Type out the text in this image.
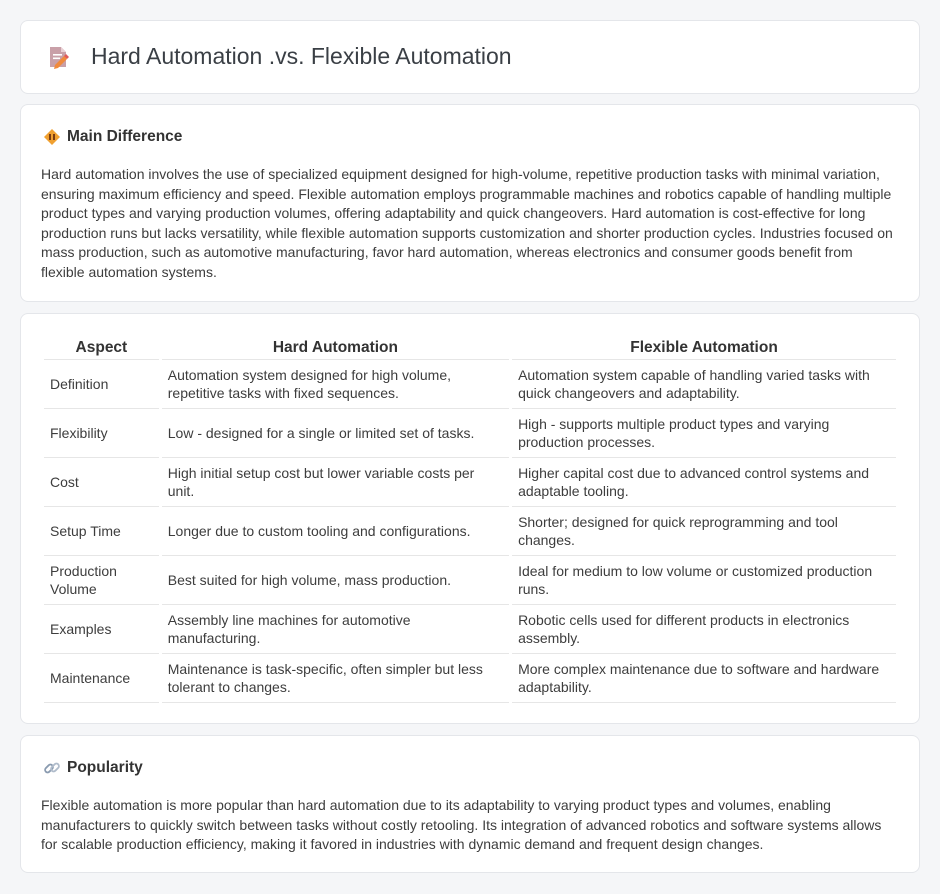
Hard Automation .vs. Flexible Automation
Main Difference

Hard automation involves the use of specialized equipment designed for high-volume, repetitive production tasks with minimal variation, ensuring maximum efficiency and speed. Flexible automation employs programmable machines and robotics capable of handling multiple product types and varying production volumes, offering adaptability and quick changeovers. Hard automation is cost-effective for long production runs but lacks versatility, while flexible automation supports customization and shorter production cycles. Industries focused on mass production, such as automotive manufacturing, favor hard automation, whereas electronics and consumer goods benefit from flexible automation systems.

Aspect	Hard Automation	Flexible Automation
Definition	Automation system designed for high volume, repetitive tasks with fixed sequences.	Automation system capable of handling varied tasks with quick changeovers and adaptability.
Flexibility	Low - designed for a single or limited set of tasks.	High - supports multiple product types and varying production processes.
Cost	High initial setup cost but lower variable costs per unit.	Higher capital cost due to advanced control systems and adaptable tooling.
Setup Time	Longer due to custom tooling and configurations.	Shorter; designed for quick reprogramming and tool changes.
Production Volume	Best suited for high volume, mass production.	Ideal for medium to low volume or customized production runs.
Examples	Assembly line machines for automotive manufacturing.	Robotic cells used for different products in electronics assembly.
Maintenance	Maintenance is task-specific, often simpler but less tolerant to changes.	More complex maintenance due to software and hardware adaptability.
Popularity

Flexible automation is more popular than hard automation due to its adaptability to varying product types and volumes, enabling manufacturers to quickly switch between tasks without costly retooling. Its integration of advanced robotics and software systems allows for scalable production efficiency, making it favored in industries with dynamic demand and frequent design changes.
